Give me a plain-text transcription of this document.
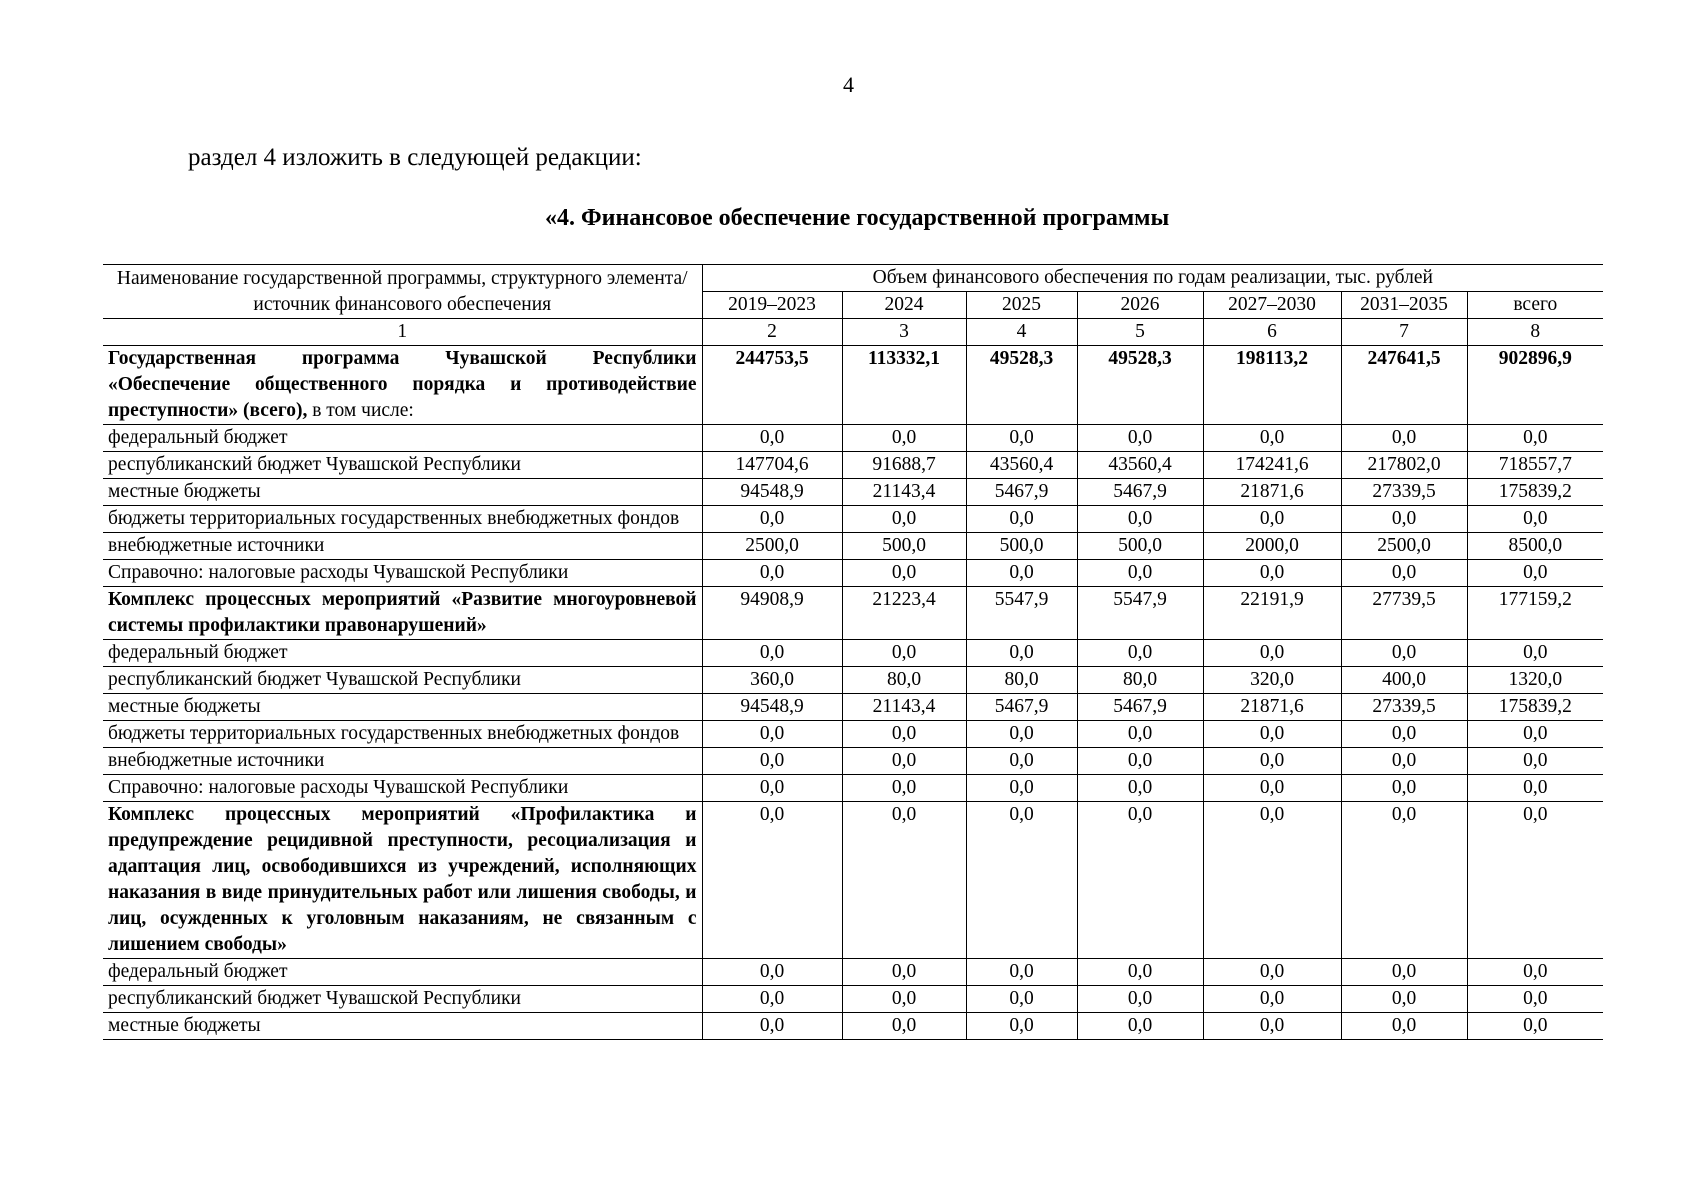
4
раздел 4 изложить в следующей редакции:
«4. Финансовое обеспечение государственной программы
Наименование государственной программы, структурного элемента/ источник финансового обеспечения	Объем финансового обеспечения по годам реализации, тыс. рублей						
	2019–2023	2024	2025	2026	2027–2030	2031–2035	всего
1	2	3	4	5	6	7	8
Государственная программа Чувашской Республики «Обеспечение общественного порядка и противодействие преступности» (всего), в том числе:	244753,5	113332,1	49528,3	49528,3	198113,2	247641,5	902896,9
федеральный бюджет	0,0	0,0	0,0	0,0	0,0	0,0	0,0
республиканский бюджет Чувашской Республики	147704,6	91688,7	43560,4	43560,4	174241,6	217802,0	718557,7
местные бюджеты	94548,9	21143,4	5467,9	5467,9	21871,6	27339,5	175839,2
бюджеты территориальных государственных внебюджетных фондов	0,0	0,0	0,0	0,0	0,0	0,0	0,0
внебюджетные источники	2500,0	500,0	500,0	500,0	2000,0	2500,0	8500,0
Справочно: налоговые расходы Чувашской Республики	0,0	0,0	0,0	0,0	0,0	0,0	0,0
Комплекс процессных мероприятий «Развитие многоуровневой системы профилактики правонарушений»	94908,9	21223,4	5547,9	5547,9	22191,9	27739,5	177159,2
федеральный бюджет	0,0	0,0	0,0	0,0	0,0	0,0	0,0
республиканский бюджет Чувашской Республики	360,0	80,0	80,0	80,0	320,0	400,0	1320,0
местные бюджеты	94548,9	21143,4	5467,9	5467,9	21871,6	27339,5	175839,2
бюджеты территориальных государственных внебюджетных фондов	0,0	0,0	0,0	0,0	0,0	0,0	0,0
внебюджетные источники	0,0	0,0	0,0	0,0	0,0	0,0	0,0
Справочно: налоговые расходы Чувашской Республики	0,0	0,0	0,0	0,0	0,0	0,0	0,0
Комплекс процессных мероприятий «Профилактика и предупреждение рецидивной преступности, ресоциализация и адаптация лиц, освободившихся из учреждений, исполняющих наказания в виде принудительных работ или лишения свободы, и лиц, осужденных к уголовным наказаниям, не связанным с лишением свободы»	0,0	0,0	0,0	0,0	0,0	0,0	0,0
федеральный бюджет	0,0	0,0	0,0	0,0	0,0	0,0	0,0
республиканский бюджет Чувашской Республики	0,0	0,0	0,0	0,0	0,0	0,0	0,0
местные бюджеты	0,0	0,0	0,0	0,0	0,0	0,0	0,0
